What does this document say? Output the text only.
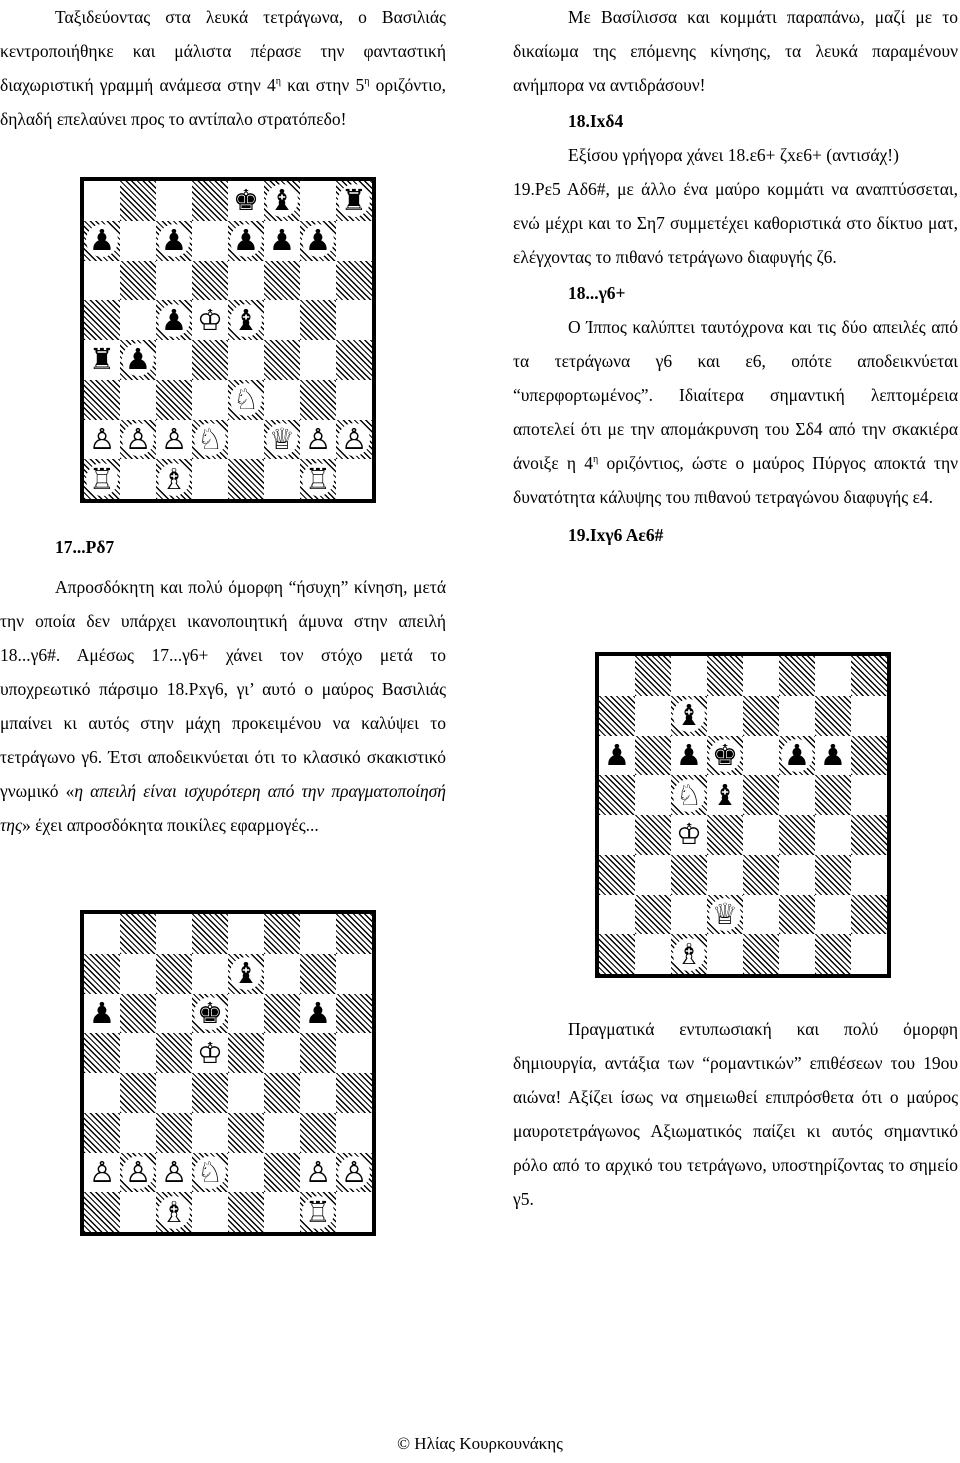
Ταξιδεύοντας στα λευκά τετράγωνα, ο Βασιλιάς κεντροποιήθηκε και μάλιστα πέρασε την φανταστική διαχωριστική γραμμή ανάμεσα στην $4^\eta$ και στην $5^\eta$ οριζόντιο, δηλαδή επελαύνει προς το αντίπαλο στρατόπεδο!

17...Ρδ7

Απροσδόκητη και πολύ όμορφη “ήσυχη” κίνηση, μετά την οποία δεν υπάρχει ικανοποιητική άμυνα στην απειλή 18...γ6#. Αμέσως 17...γ6+ χάνει τον στόχο μετά το υποχρεωτικό πάρσιμο 18.Ρxγ6, γι’ αυτό ο μαύρος Βασιλιάς μπαίνει κι αυτός στην μάχη προκειμένου να καλύψει το τετράγωνο γ6. Έτσι αποδεικνύεται ότι το κλασικό σκακιστικό γνωμικό «η απειλή είναι ισχυρότερη από την πραγματοποίησή της» έχει απροσδόκητα ποικίλες εφαρμογές...

Με Βασίλισσα και κομμάτι παραπάνω, μαζί με το δικαίωμα της επόμενης κίνησης, τα λευκά παραμένουν ανήμπορα να αντιδράσουν!

18.Ιxδ4

Εξίσου γρήγορα χάνει 18.ε6+ ζxε6+ (αντισάχ!)

19.Ρε5 Αδ6#, με άλλο ένα μαύρο κομμάτι να αναπτύσσεται, ενώ μέχρι και το Ση7 συμμετέχει καθοριστικά στο δίκτυο ματ, ελέγχοντας το πιθανό τετράγωνο διαφυγής ζ6.

18...γ6+

Ο Ίππος καλύπτει ταυτόχρονα και τις δύο απειλές από τα τετράγωνα γ6 και ε6, οπότε αποδεικνύεται “υπερφορτωμένος”. Ιδιαίτερα σημαντική λεπτομέρεια αποτελεί ότι με την απομάκρυνση του Σδ4 από την σκακιέρα άνοιξε η $4^\eta$ οριζόντιος, ώστε ο μαύρος Πύργος αποκτά την δυνατότητα κάλυψης του πιθανού τετραγώνου διαφυγής ε4.

19.Ιxγ6 Αε6#

Πραγματικά εντυπωσιακή και πολύ όμορφη δημιουργία, αντάξια των “ρομαντικών” επιθέσεων του 19ου αιώνα! Αξίζει ίσως να σημειωθεί επιπρόσθετα ότι ο μαύρος μαυροτετράγωνος Αξιωματικός παίζει κι αυτός σημαντικό ρόλο από το αρχικό του τετράγωνο, υποστηρίζοντας το σημείο γ5.

♚ ♝ ♜
♟ ♟ ♟ ♟ ♟
♟ ♔ ♝
♜ ♟
♘
♙ ♙ ♙ ♘ ♕ ♙ ♙
♖ ♗	♖
♝
♟	♚	♟
♔
♙ ♙ ♙ ♘	♙ ♙
♗	♖
♝
♟ ♟ ♚ ♟ ♟
♘ ♝
♔
♕
♗
© Ηλίας Κουρκουνάκης
